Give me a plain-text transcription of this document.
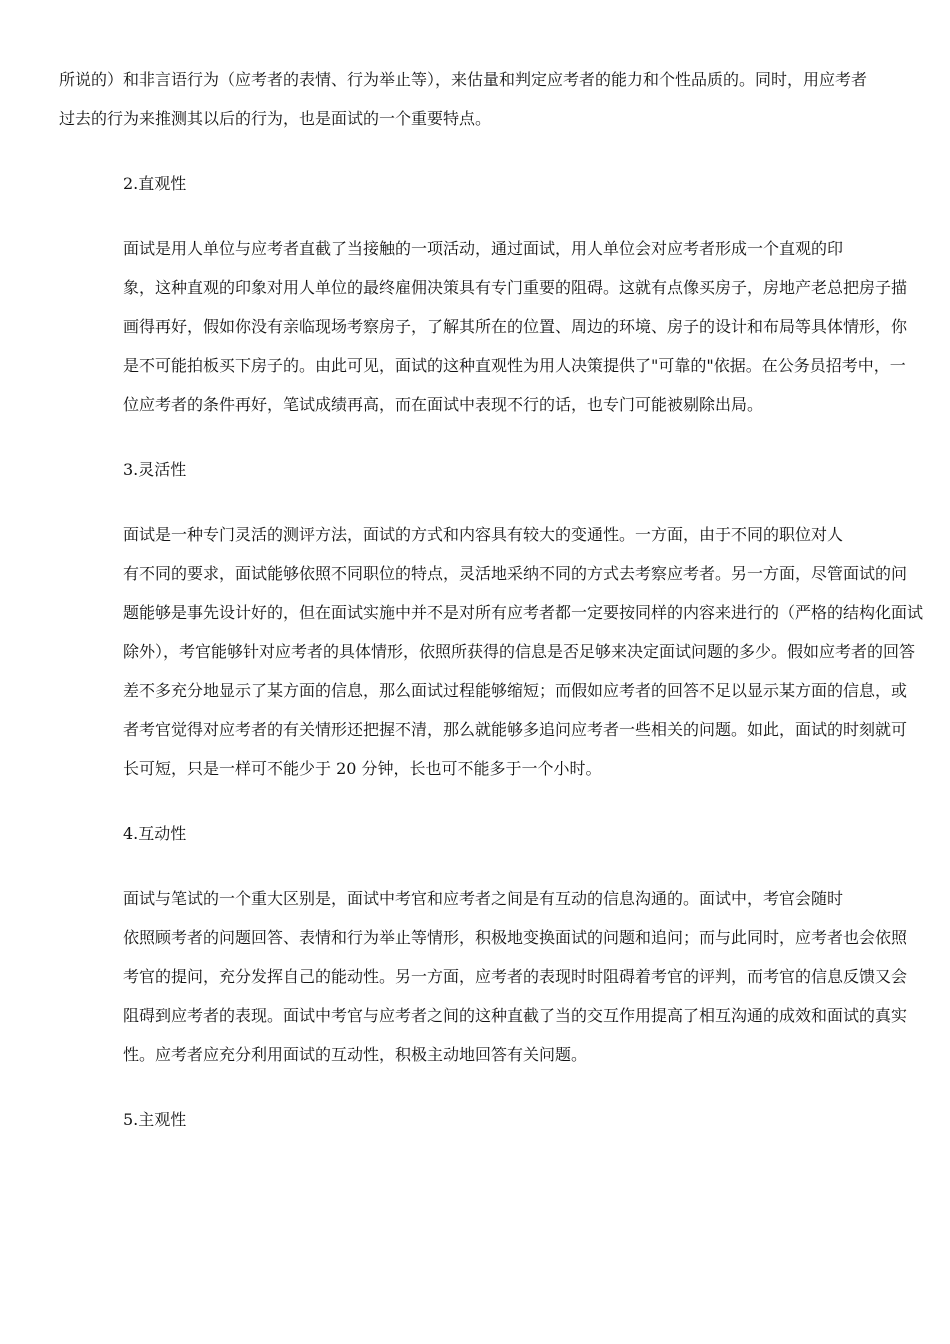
所说的）和非言语行为（应考者的表情、行为举止等），来估量和判定应考者的能力和个性品质的。同时，用应考者
过去的行为来推测其以后的行为，也是面试的一个重要特点。

2.直观性

面试是用人单位与应考者直截了当接触的一项活动，通过面试，用人单位会对应考者形成一个直观的印
象，这种直观的印象对用人单位的最终雇佣决策具有专门重要的阻碍。这就有点像买房子，房地产老总把房子描
画得再好，假如你没有亲临现场考察房子，了解其所在的位置、周边的环境、房子的设计和布局等具体情形，你
是不可能拍板买下房子的。由此可见，面试的这种直观性为用人决策提供了"可靠的"依据。在公务员招考中，一
位应考者的条件再好，笔试成绩再高，而在面试中表现不行的话，也专门可能被剔除出局。

3.灵活性

面试是一种专门灵活的测评方法，面试的方式和内容具有较大的变通性。一方面，由于不同的职位对人
有不同的要求，面试能够依照不同职位的特点，灵活地采纳不同的方式去考察应考者。另一方面，尽管面试的问
题能够是事先设计好的，但在面试实施中并不是对所有应考者都一定要按同样的内容来进行的（严格的结构化面试
除外），考官能够针对应考者的具体情形，依照所获得的信息是否足够来决定面试问题的多少。假如应考者的回答
差不多充分地显示了某方面的信息，那么面试过程能够缩短；而假如应考者的回答不足以显示某方面的信息，或
者考官觉得对应考者的有关情形还把握不清，那么就能够多追问应考者一些相关的问题。如此，面试的时刻就可
长可短，只是一样可不能少于 20 分钟，长也可不能多于一个小时。

4.互动性

面试与笔试的一个重大区别是，面试中考官和应考者之间是有互动的信息沟通的。面试中，考官会随时
依照顾考者的问题回答、表情和行为举止等情形，积极地变换面试的问题和追问；而与此同时，应考者也会依照
考官的提问，充分发挥自己的能动性。另一方面，应考者的表现时时阻碍着考官的评判，而考官的信息反馈又会
阻碍到应考者的表现。面试中考官与应考者之间的这种直截了当的交互作用提高了相互沟通的成效和面试的真实
性。应考者应充分利用面试的互动性，积极主动地回答有关问题。

5.主观性
